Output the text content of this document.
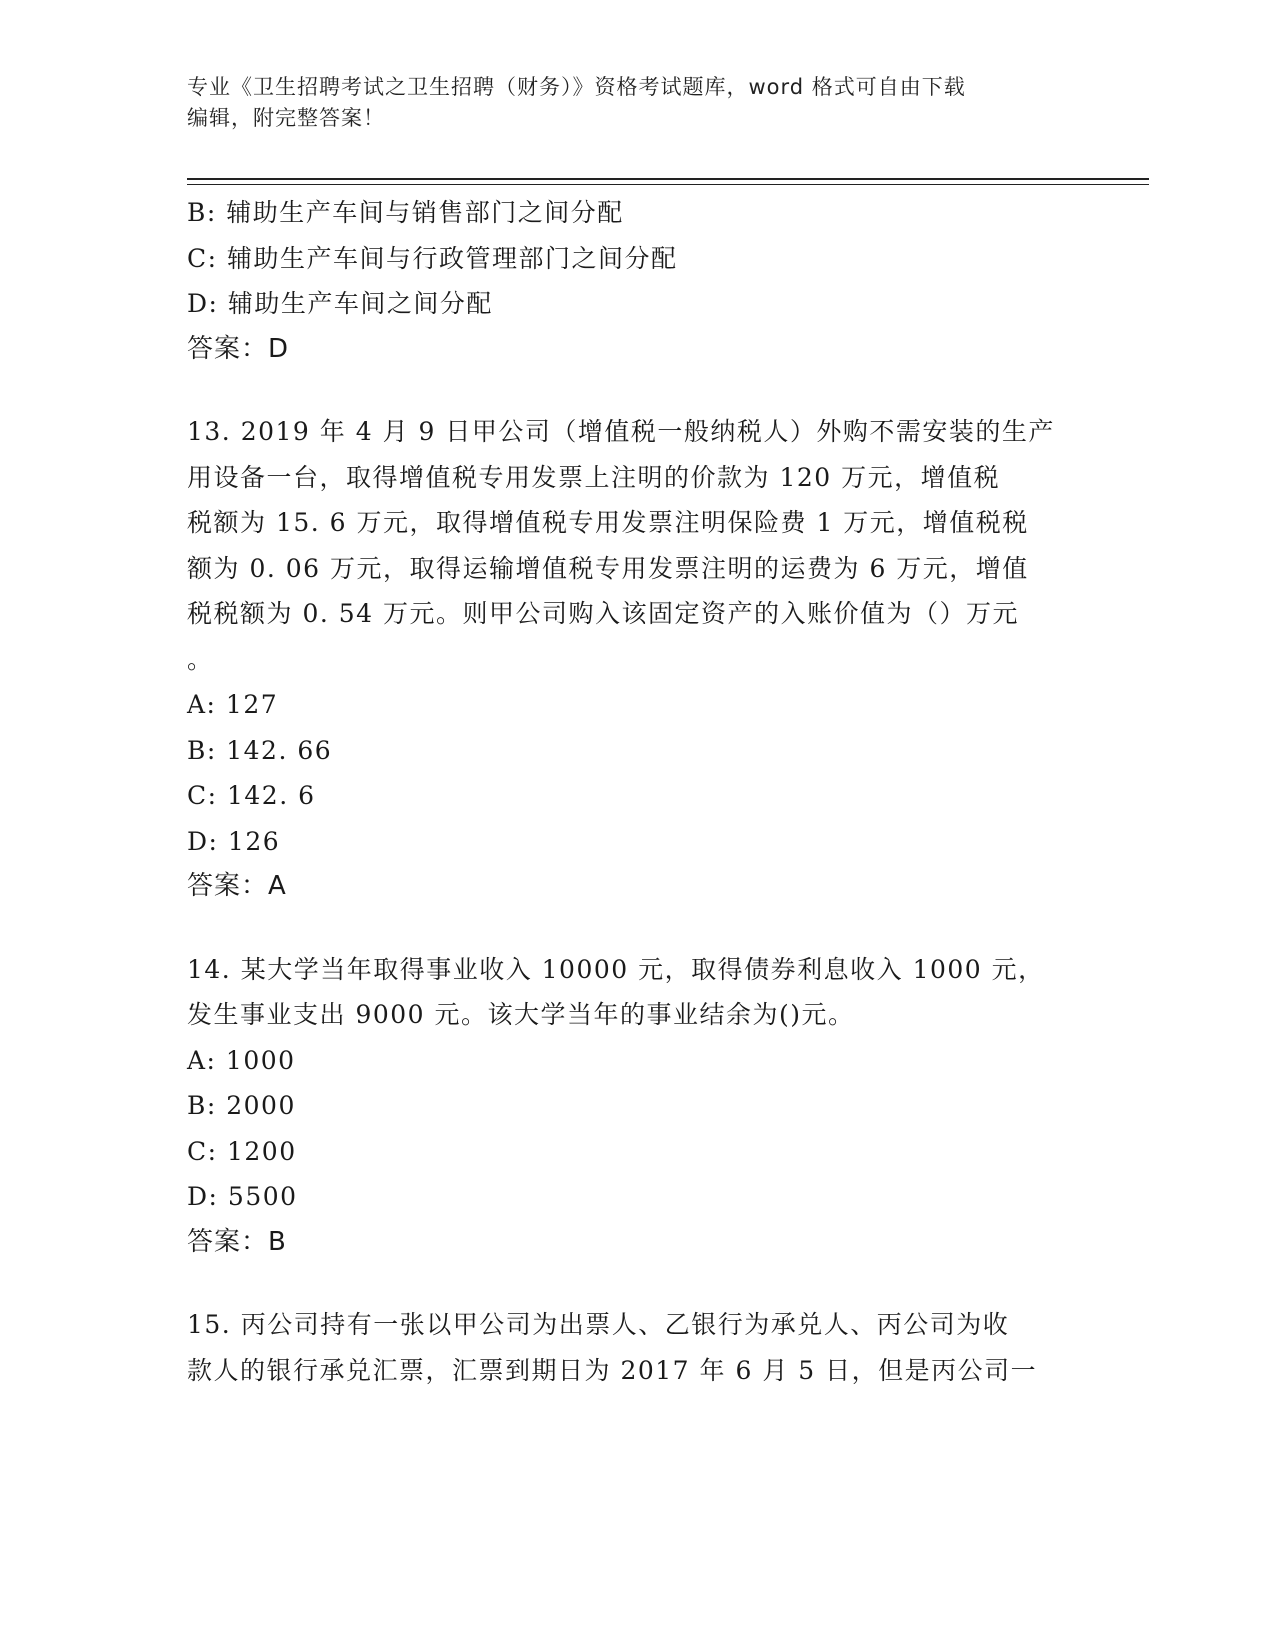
专业《卫生招聘考试之卫生招聘（财务）》资格考试题库，word 格式可自由下载
编辑，附完整答案！
B: 辅助生产车间与销售部门之间分配
C: 辅助生产车间与行政管理部门之间分配
D: 辅助生产车间之间分配
答案：D
13. 2019 年 4 月 9 日甲公司（增值税一般纳税人）外购不需安装的生产
用设备一台，取得增值税专用发票上注明的价款为 120 万元，增值税
税额为 15. 6 万元，取得增值税专用发票注明保险费 1 万元，增值税税
额为 0. 06 万元，取得运输增值税专用发票注明的运费为 6 万元，增值
税税额为 0. 54 万元。则甲公司购入该固定资产的入账价值为（）万元
。
A: 127
B: 142. 66
C: 142. 6
D: 126
答案：A
14. 某大学当年取得事业收入 10000 元，取得债券利息收入 1000 元，
发生事业支出 9000 元。该大学当年的事业结余为()元。
A: 1000
B: 2000
C: 1200
D: 5500
答案：B
15. 丙公司持有一张以甲公司为出票人、乙银行为承兑人、丙公司为收
款人的银行承兑汇票，汇票到期日为 2017 年 6 月 5 日，但是丙公司一
